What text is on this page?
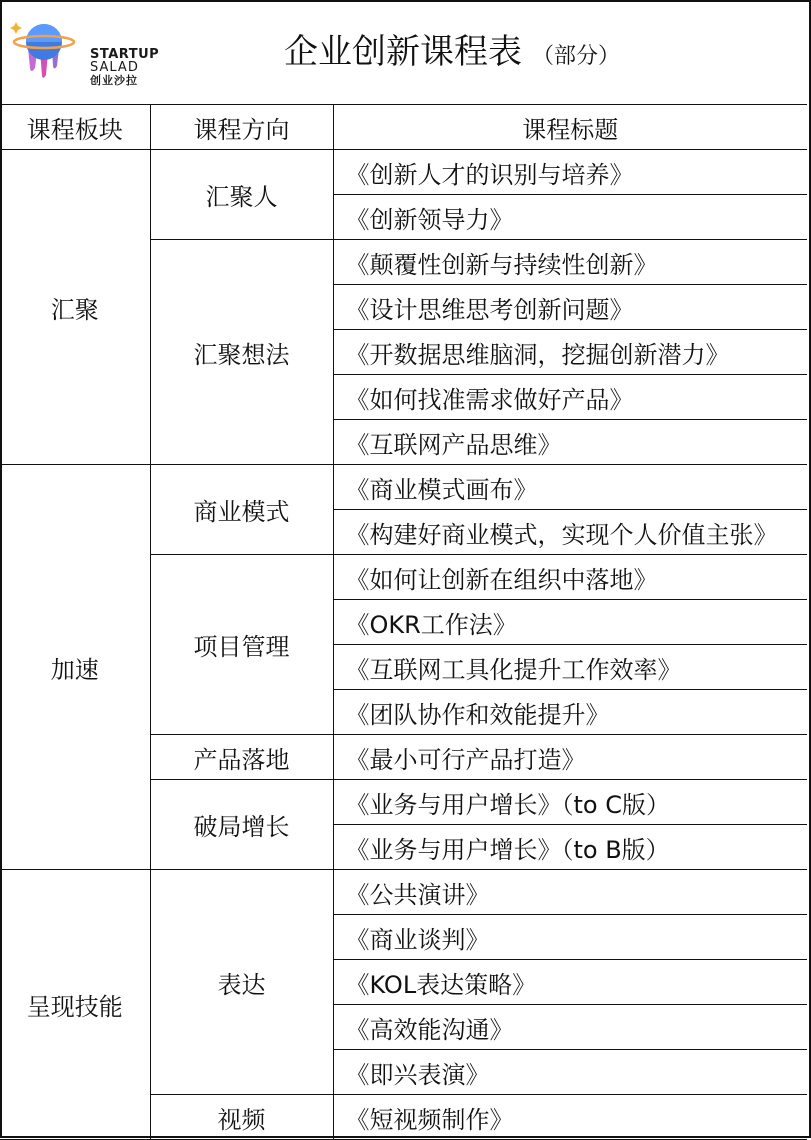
STARTUP
SALAD
创业沙拉
企业创新课程表 （部分）
课程板块	课程方向	课程标题
汇聚	汇聚人	《创新人才的识别与培养》
		《创新领导力》
	汇聚想法	《颠覆性创新与持续性创新》
		《设计思维思考创新问题》
		《开数据思维脑洞，挖掘创新潜力》
		《如何找准需求做好产品》
		《互联网产品思维》
加速	商业模式	《商业模式画布》
		《构建好商业模式，实现个人价值主张》
	项目管理	《如何让创新在组织中落地》
		《OKR工作法》
		《互联网工具化提升工作效率》
		《团队协作和效能提升》
	产品落地	《最小可行产品打造》
	破局增长	《业务与用户增长》（to C版）
		《业务与用户增长》（to B版）
呈现技能	表达	《公共演讲》
		《商业谈判》
		《KOL表达策略》
		《高效能沟通》
		《即兴表演》
	视频	《短视频制作》
